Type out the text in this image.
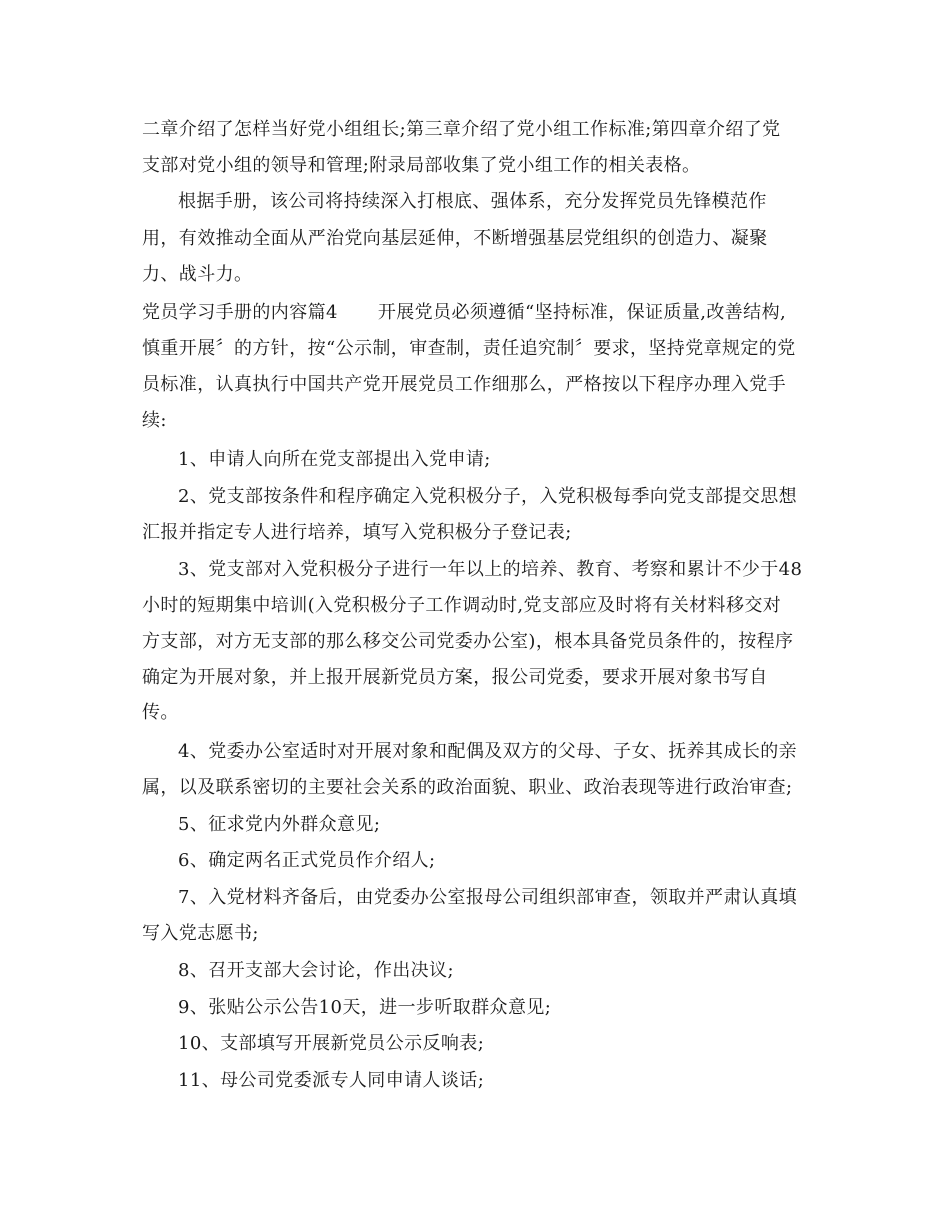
二章介绍了怎样当好党小组组长;第三章介绍了党小组工作标准;第四章介绍了党
支部对党小组的领导和管理;附录局部收集了党小组工作的相关表格。
根据手册，该公司将持续深入打根底、强体系，充分发挥党员先锋模范作
用，有效推动全面从严治党向基层延伸，不断增强基层党组织的创造力、凝聚
力、战斗力。
党员学习手册的内容篇4 开展党员必须遵循“坚持标准，保证质量,改善结构,
慎重开展〞的方针，按“公示制，审查制，责任追究制〞要求，坚持党章规定的党
员标准，认真执行中国共产党开展党员工作细那么，严格按以下程序办理入党手
续:
1、申请人向所在党支部提出入党申请;
2、党支部按条件和程序确定入党积极分子，入党积极每季向党支部提交思想
汇报并指定专人进行培养，填写入党积极分子登记表;
3、党支部对入党积极分子进行一年以上的培养、教育、考察和累计不少于48
小时的短期集中培训(入党积极分子工作调动时,党支部应及时将有关材料移交对
方支部，对方无支部的那么移交公司党委办公室)，根本具备党员条件的，按程序
确定为开展对象，并上报开展新党员方案，报公司党委，要求开展对象书写自
传。
4、党委办公室适时对开展对象和配偶及双方的父母、子女、抚养其成长的亲
属，以及联系密切的主要社会关系的政治面貌、职业、政治表现等进行政治审查;
5、征求党内外群众意见;
6、确定两名正式党员作介绍人;
7、入党材料齐备后，由党委办公室报母公司组织部审查，领取并严肃认真填
写入党志愿书;
8、召开支部大会讨论，作出决议;
9、张贴公示公告10天，进一步听取群众意见;
10、支部填写开展新党员公示反响表;
11、母公司党委派专人同申请人谈话;
